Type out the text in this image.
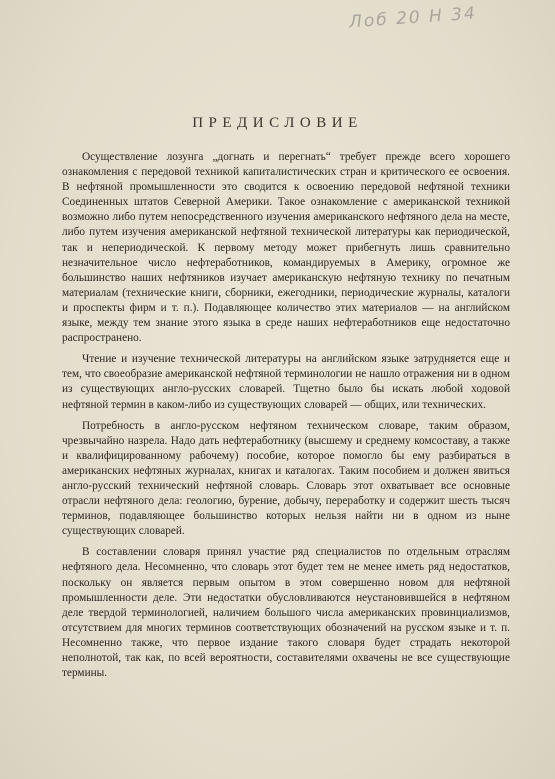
Лоб 20 Н 34
ПРЕДИСЛОВИЕ

Осуществление лозунга „догнать и перегнать“ требует прежде всего хорошего ознакомления с передовой техникой капиталистических стран и критического ее освоения. В нефтяной промышленности это сводится к освоению передовой нефтяной техники Соединенных штатов Северной Америки. Такое ознакомление с американской техникой возможно либо путем непосредственного изучения американского нефтяного дела на месте, либо путем изучения американской нефтяной технической литературы как периодической, так и непериодической. К первому методу может прибегнуть лишь сравнительно незначительное число нефтеработников, командируемых в Америку, огромное же большинство наших нефтяников изучает американскую нефтяную технику по печатным материалам (технические книги, сборники, ежегодники, периодические журналы, каталоги и проспекты фирм и т. п.). Подавляющее количество этих материалов — на английском языке, между тем знание этого языка в среде наших нефтеработников еще недостаточно распространено.

Чтение и изучение технической литературы на английском языке затрудняется еще и тем, что своеобразие американской нефтяной терминологии не нашло отражения ни в одном из существующих англо-русских словарей. Тщетно было бы искать любой ходовой нефтяной термин в каком-либо из существующих словарей — общих, или технических.

Потребность в англо-русском нефтяном техническом словаре, таким образом, чрезвычайно назрела. Надо дать нефтеработнику (высшему и среднему комсоставу, а также и квалифицированному рабочему) пособие, которое помогло бы ему разбираться в американских нефтяных журналах, книгах и каталогах. Таким пособием и должен явиться англо-русский технический нефтяной словарь. Словарь этот охватывает все основные отрасли нефтяного дела: геологию, бурение, добычу, переработку и содержит шесть тысяч терминов, подавляющее большинство которых нельзя найти ни в одном из ныне существующих словарей.

В составлении словаря принял участие ряд специалистов по отдельным отраслям нефтяного дела. Несомненно, что словарь этот будет тем не менее иметь ряд недостатков, поскольку он является первым опытом в этом совершенно новом для нефтяной промышленности деле. Эти недостатки обусловливаются неустановившейся в нефтяном деле твердой терминологией, наличием большого числа американских провинциализмов, отсутствием для многих терминов соответствующих обозначений на русском языке и т. п. Несомненно также, что первое издание такого словаря будет страдать некоторой неполнотой, так как, по всей вероятности, составителями охвачены не все существующие термины.
